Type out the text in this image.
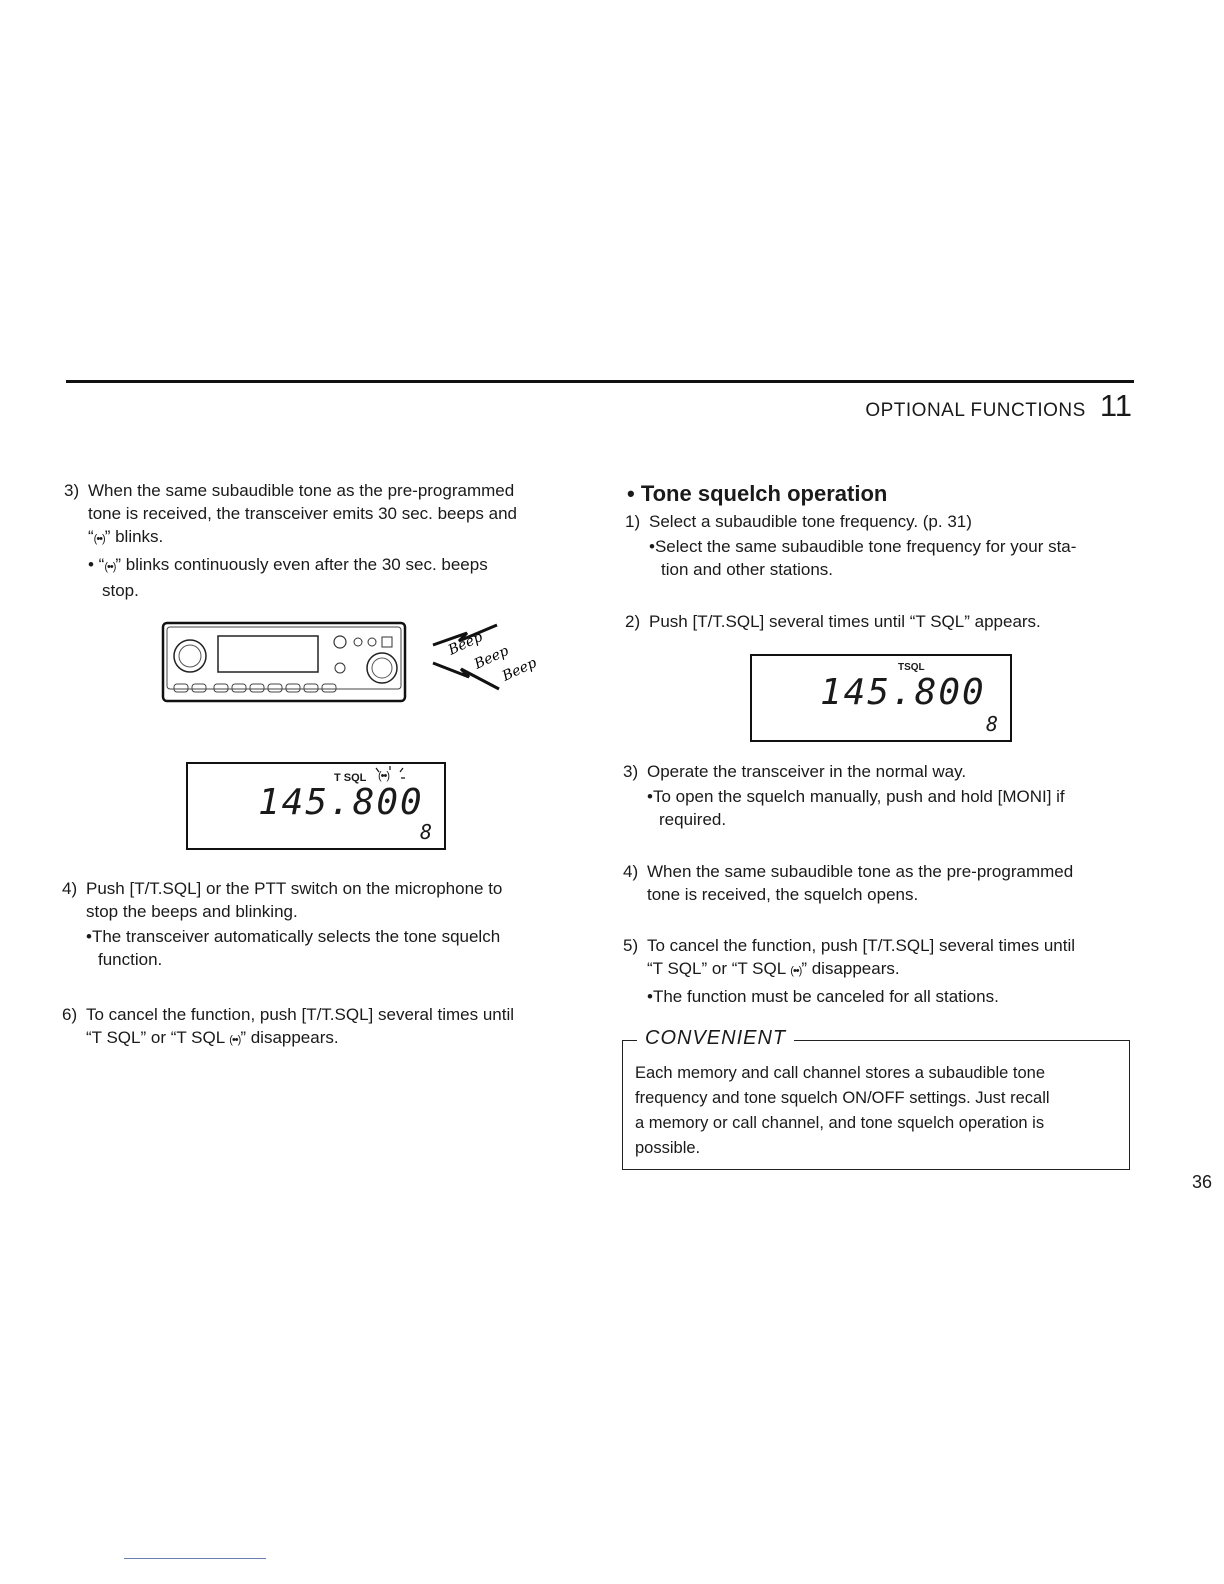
OPTIONAL FUNCTIONS 11
3) When the same subaudible tone as the pre-programmed
tone is received, the transceiver emits 30 sec. beeps and
“(••)” blinks.
• “(••)” blinks continuously even after the 30 sec. beeps
stop.
Beep
Beep
Beep
T SQL (••)
145.800
8
4) Push [T/T.SQL] or the PTT switch on the microphone to
stop the beeps and blinking.
•The transceiver automatically selects the tone squelch
function.
6) To cancel the function, push [T/T.SQL] several times until
“T SQL” or “T SQL (••)” disappears.
• Tone squelch operation
1) Select a subaudible tone frequency. (p. 31)
•Select the same subaudible tone frequency for your sta-
tion and other stations.
2) Push [T/T.SQL] several times until “T SQL” appears.
TSQL
145.800
8
3) Operate the transceiver in the normal way.
•To open the squelch manually, push and hold [MONI] if
required.
4) When the same subaudible tone as the pre-programmed
tone is received, the squelch opens.
5) To cancel the function, push [T/T.SQL] several times until
“T SQL” or “T SQL (••)” disappears.
•The function must be canceled for all stations.
CONVENIENT
Each memory and call channel stores a subaudible tone
frequency and tone squelch ON/OFF settings. Just recall
a memory or call channel, and tone squelch operation is
possible.
36
